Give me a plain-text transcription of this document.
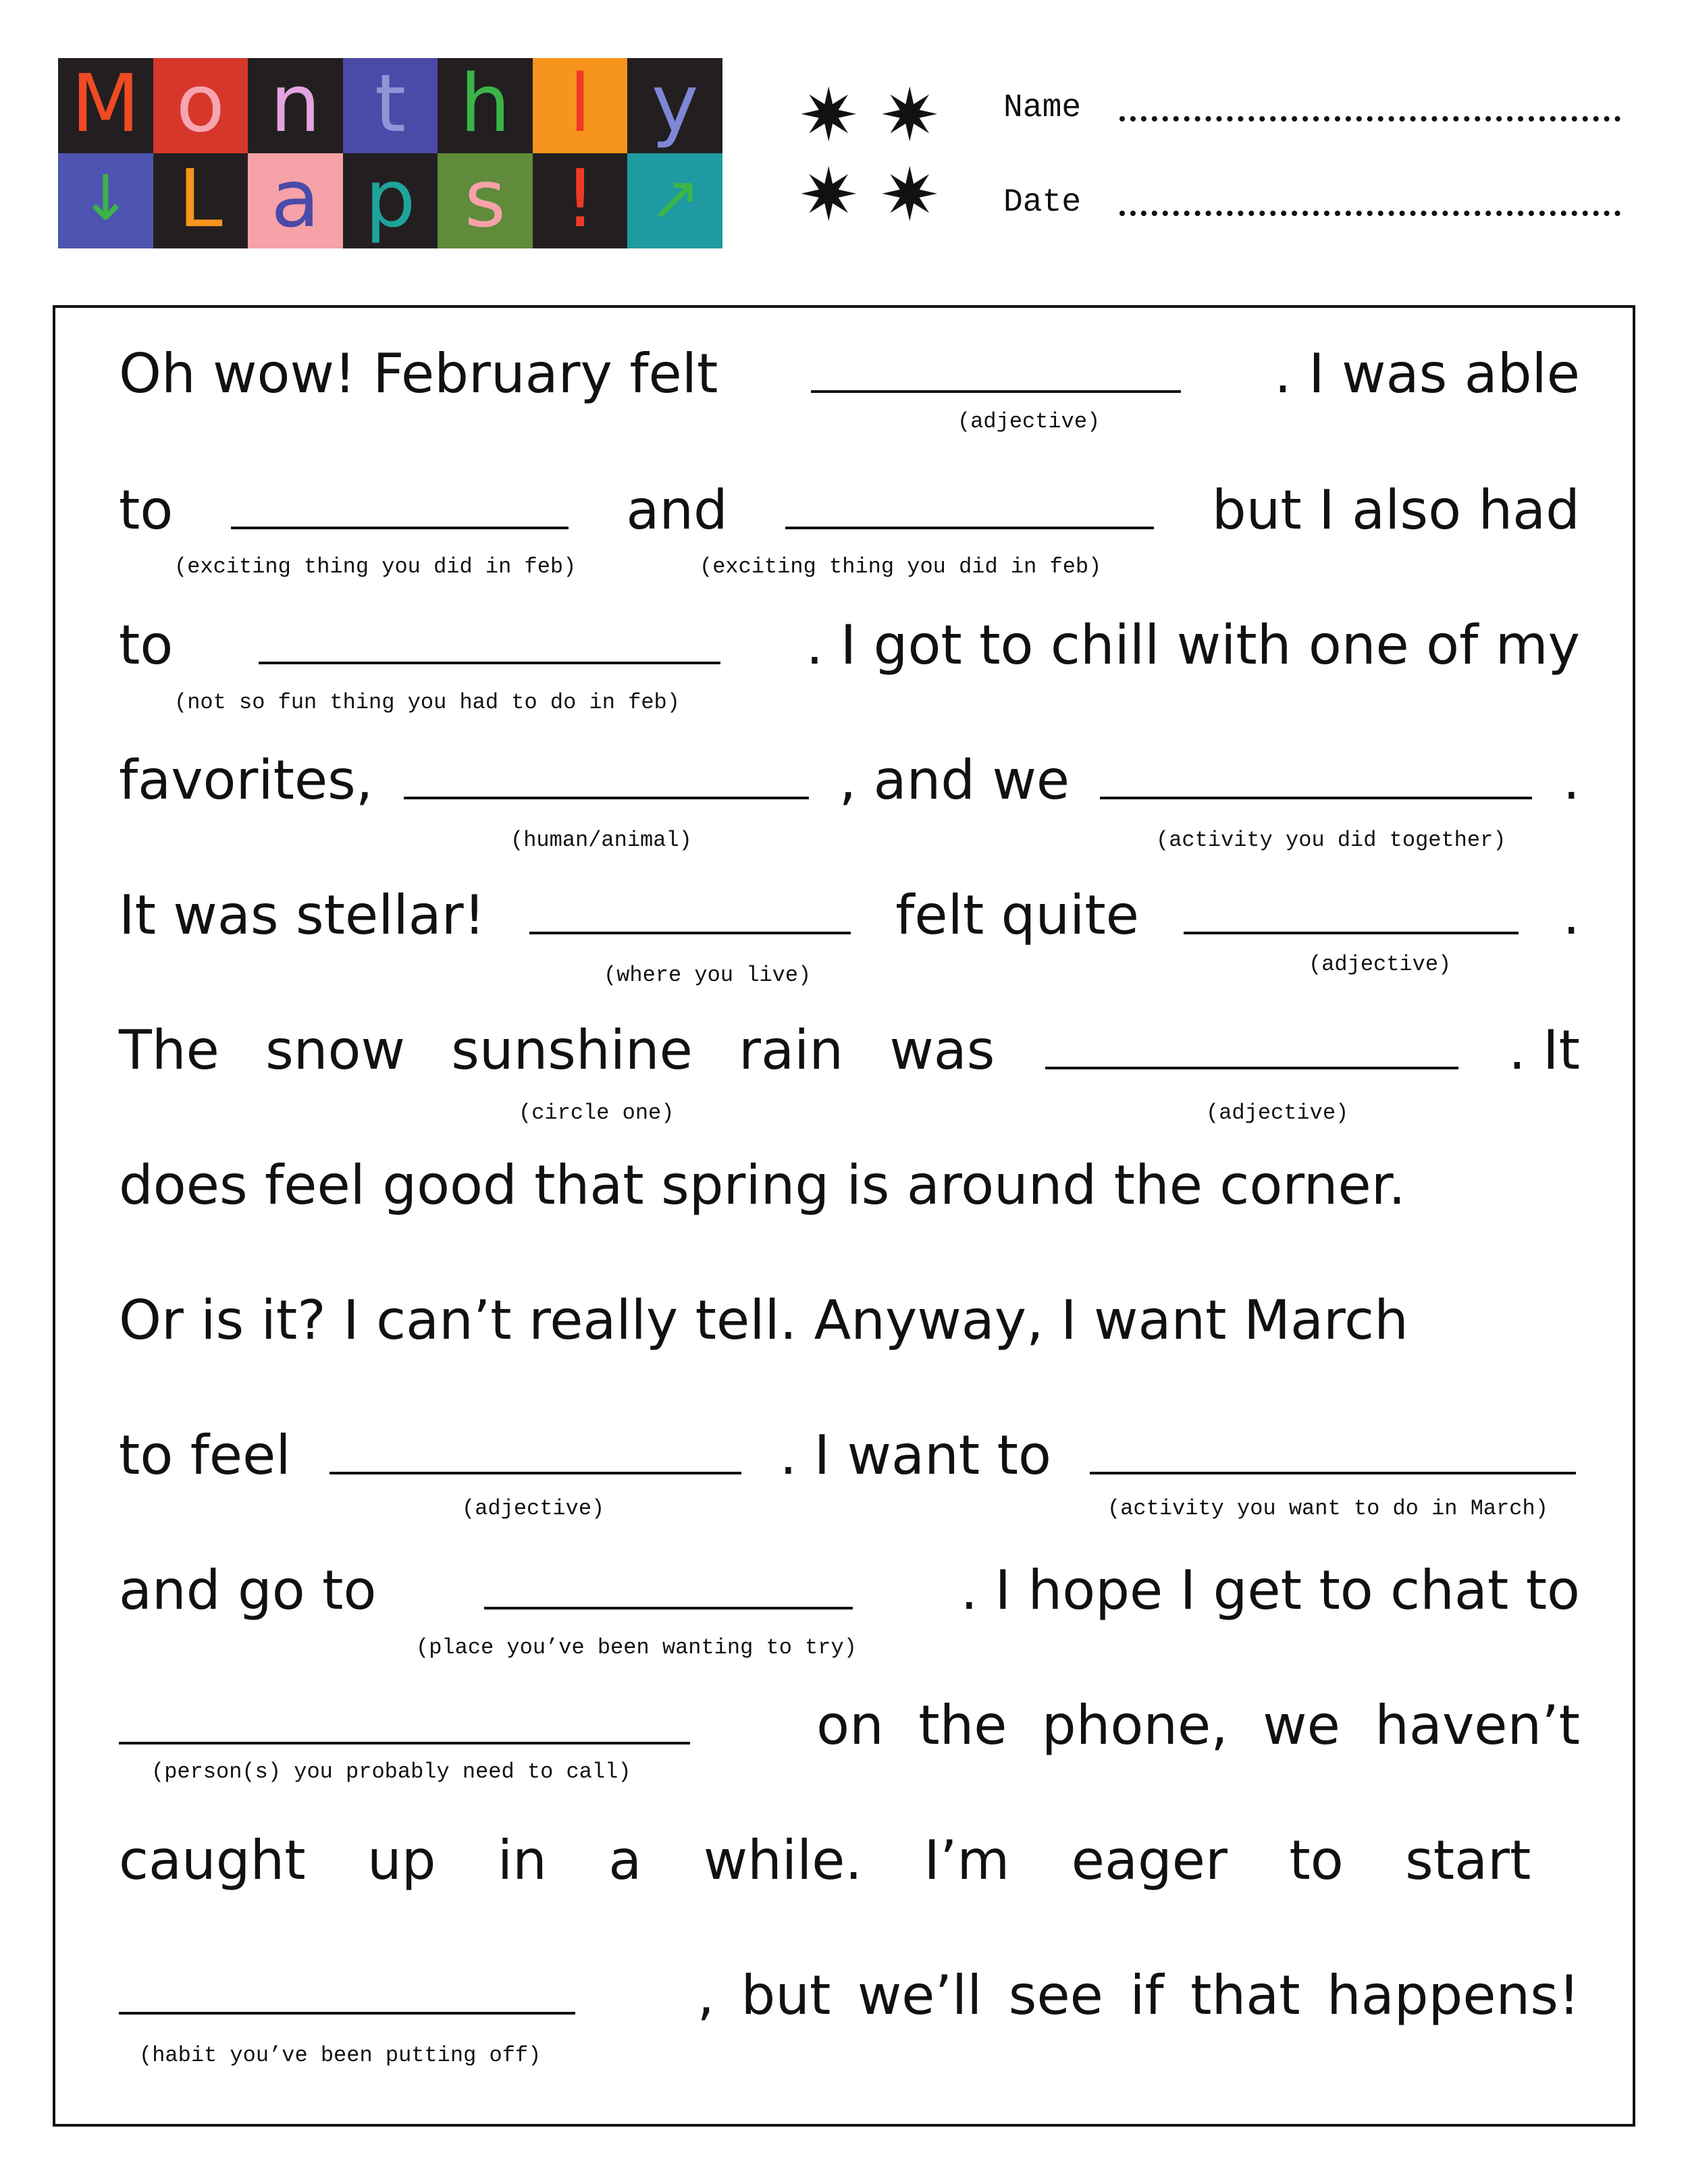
M o n t h l y
↓ L a p s ! ↗
✷ ✷
✷ ✷
Name
Date
Oh wow! February felt	. I was able
(adjective)
to	and	but I also had
(exciting thing you did in feb)	(exciting thing you did in feb)
to	. I got to chill with one of my
(not so fun thing you had to do in feb)
favorites,	, and we	.
(human/animal)	(activity you did together)
It was stellar!	felt quite	.
(where you live)	(adjective)
The snow sunshine rain was	. It
(circle one)	(adjective)
does feel good that spring is around the corner.
Or is it? I can’t really tell. Anyway, I want March
to feel	. I want to
(adjective)	(activity you want to do in March)
and go to	. I hope I get to chat to
(place you’ve been wanting to try)
on the phone, we haven’t
(person(s) you probably need to call)
caught up in a while. I’m eager to start
, but we’ll see if that happens!
(habit you’ve been putting off)
